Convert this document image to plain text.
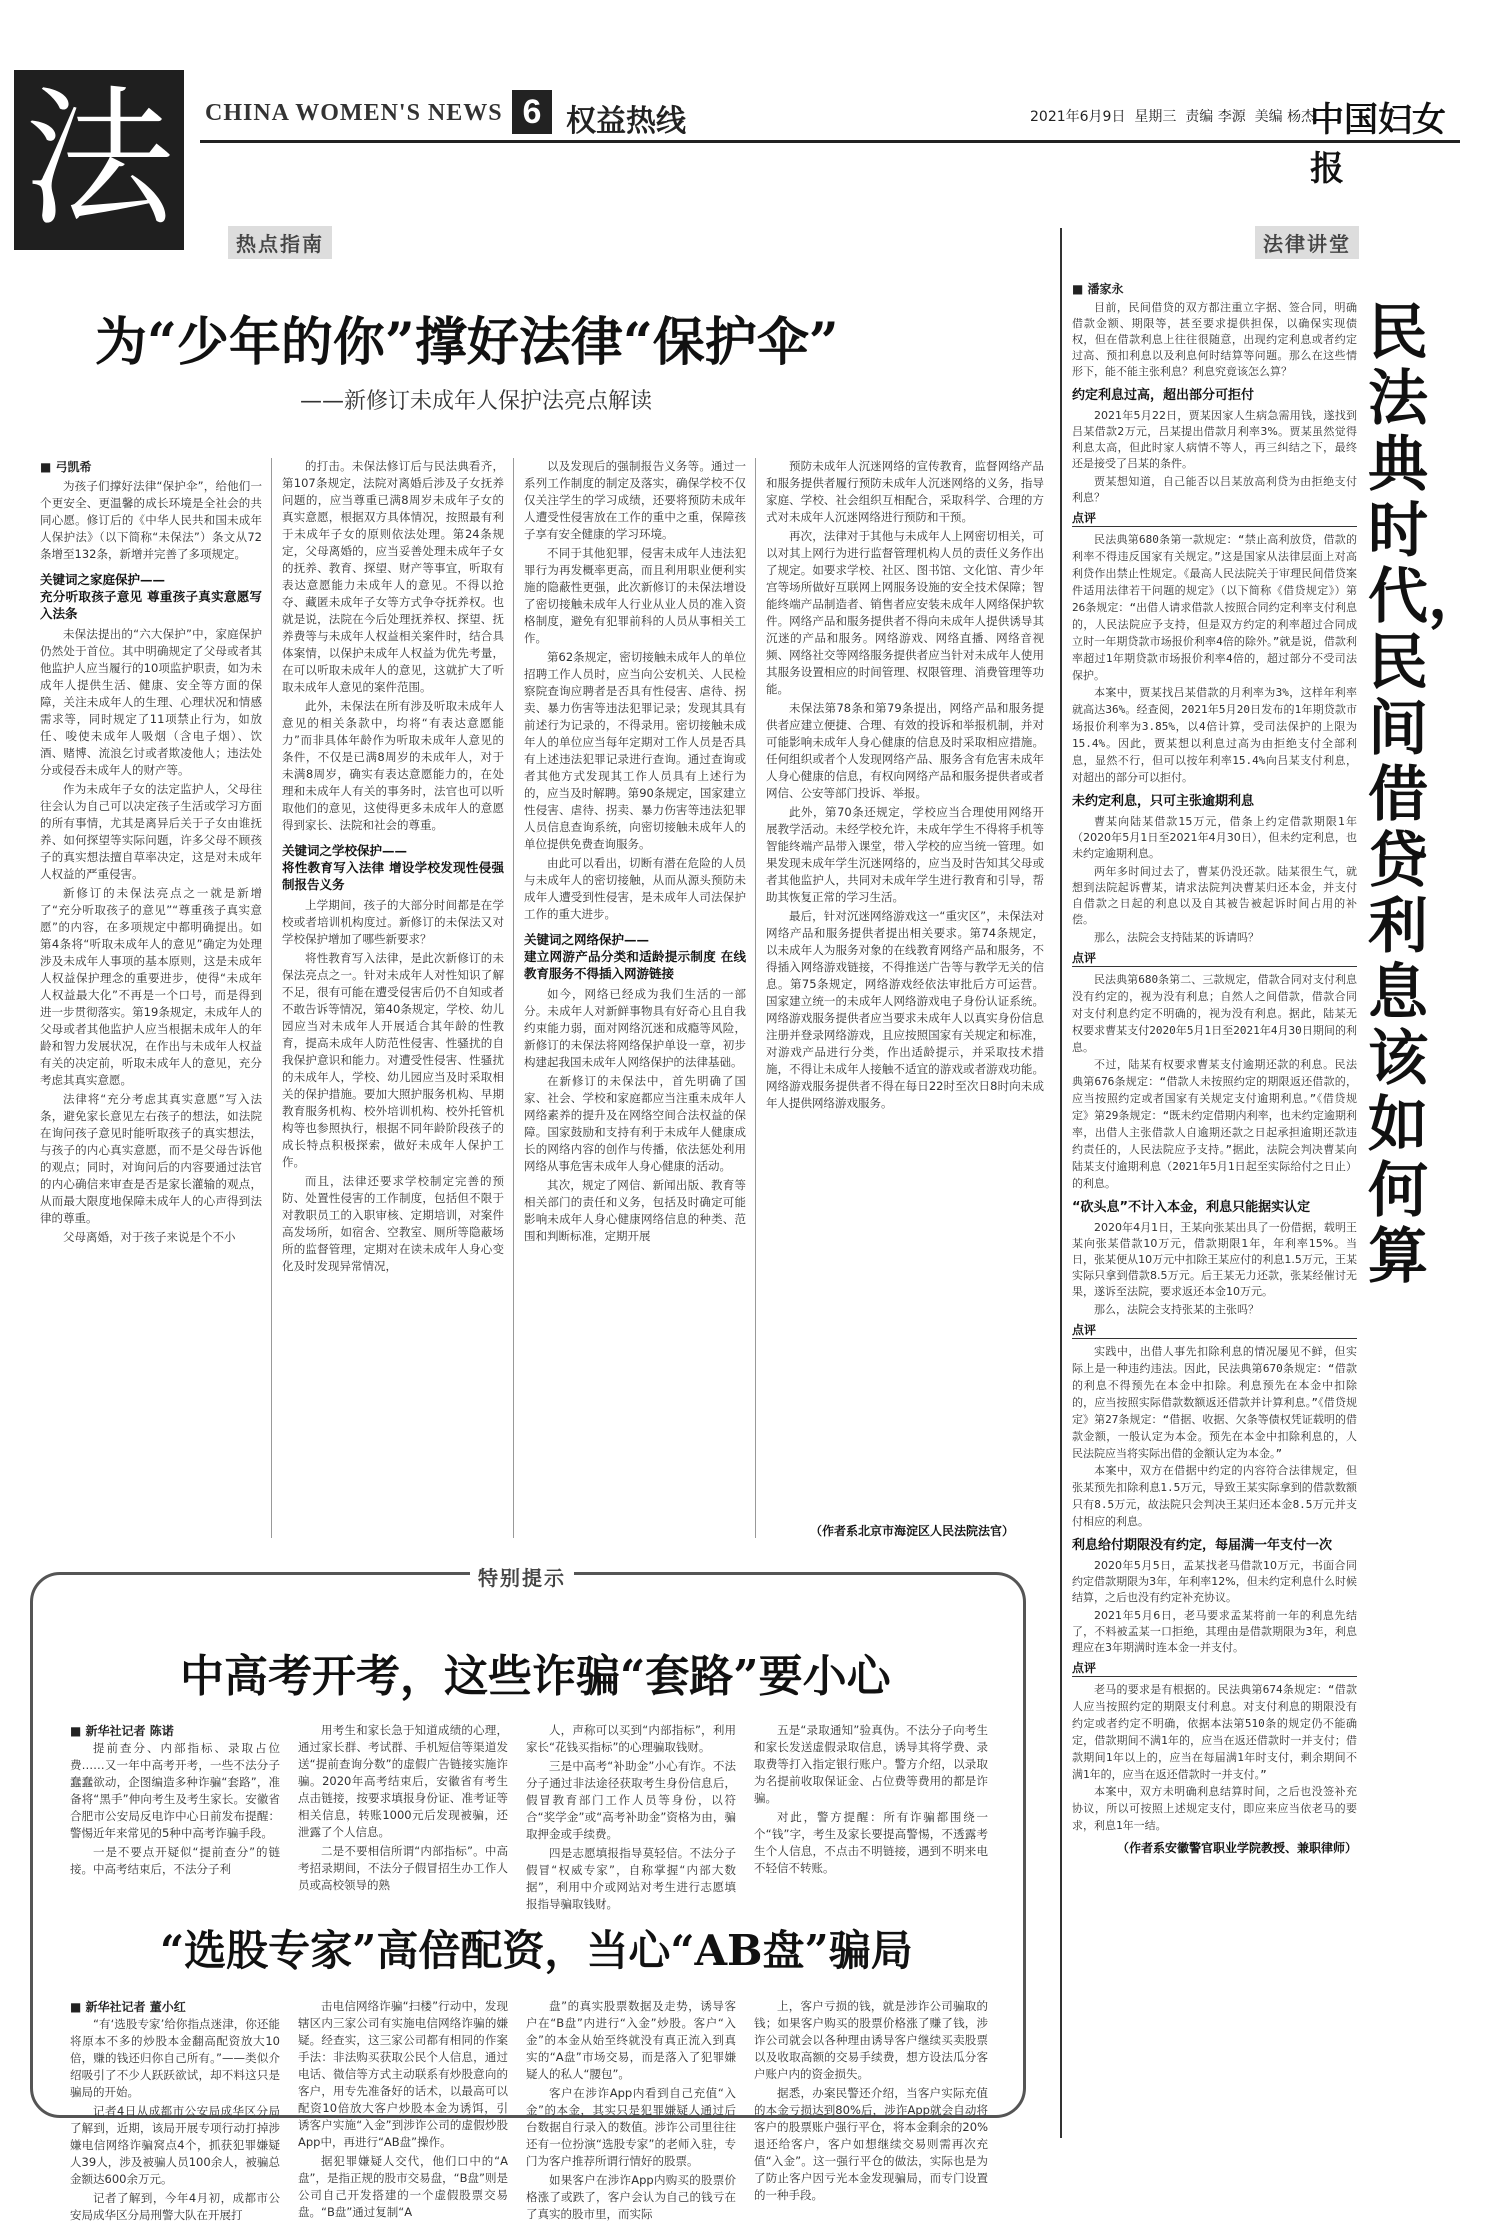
法	CHINA WOMEN'S NEWS 6 权益热线	2021年6月9日 星期三 责编 李源 美编 杨杰
中国妇女报
热点指南
为“少年的你”撑好法律“保护伞”
——新修订未成年人保护法亮点解读
■ 弓凯希

为孩子们撑好法律“保护伞”，给他们一个更安全、更温馨的成长环境是全社会的共同心愿。修订后的《中华人民共和国未成年人保护法》（以下简称“未保法”）条文从72条增至132条，新增并完善了多项规定。

关键词之家庭保护——
充分听取孩子意见 尊重孩子真实意愿写入法条

未保法提出的“六大保护”中，家庭保护仍然处于首位。其中明确规定了父母或者其他监护人应当履行的10项监护职责，如为未成年人提供生活、健康、安全等方面的保障，关注未成年人的生理、心理状况和情感需求等，同时规定了11项禁止行为，如放任、唆使未成年人吸烟（含电子烟）、饮酒、赌博、流浪乞讨或者欺凌他人；违法处分或侵吞未成年人的财产等。

作为未成年子女的法定监护人，父母往往会认为自己可以决定孩子生活或学习方面的所有事情，尤其是离异后关于子女由谁抚养、如何探望等实际问题，许多父母不顾孩子的真实想法擅自草率决定，这是对未成年人权益的严重侵害。

新修订的未保法亮点之一就是新增了“充分听取孩子的意见”“尊重孩子真实意愿”的内容，在多项规定中都明确提出。如第4条将“听取未成年人的意见”确定为处理涉及未成年人事项的基本原则，这是未成年人权益保护理念的重要进步，使得“未成年人权益最大化”不再是一个口号，而是得到进一步贯彻落实。第19条规定，未成年人的父母或者其他监护人应当根据未成年人的年龄和智力发展状况，在作出与未成年人权益有关的决定前，听取未成年人的意见，充分考虑其真实意愿。

法律将“充分考虑其真实意愿”写入法条，避免家长意见左右孩子的想法，如法院在询问孩子意见时能听取孩子的真实想法，与孩子的内心真实意愿，而不是父母告诉他的观点；同时，对询问后的内容要通过法官的内心确信来审查是否是家长灌输的观点，从而最大限度地保障未成年人的心声得到法律的尊重。

父母离婚，对于孩子来说是个不小

的打击。未保法修订后与民法典看齐，第107条规定，法院对离婚后涉及子女抚养问题的，应当尊重已满8周岁未成年子女的真实意愿，根据双方具体情况，按照最有利于未成年子女的原则依法处理。第24条规定，父母离婚的，应当妥善处理未成年子女的抚养、教育、探望、财产等事宜，听取有表达意愿能力未成年人的意见。不得以抢夺、藏匿未成年子女等方式争夺抚养权。也就是说，法院在今后处理抚养权、探望、抚养费等与未成年人权益相关案件时，结合具体案情，以保护未成年人权益为优先考量，在可以听取未成年人的意见，这就扩大了听取未成年人意见的案件范围。

此外，未保法在所有涉及听取未成年人意见的相关条款中，均将“有表达意愿能力”而非具体年龄作为听取未成年人意见的条件，不仅是已满8周岁的未成年人，对于未满8周岁，确实有表达意愿能力的，在处理和未成年人有关的事务时，法官也可以听取他们的意见，这使得更多未成年人的意愿得到家长、法院和社会的尊重。

关键词之学校保护——
将性教育写入法律 增设学校发现性侵强制报告义务

上学期间，孩子的大部分时间都是在学校或者培训机构度过。新修订的未保法又对学校保护增加了哪些新要求？

将性教育写入法律，是此次新修订的未保法亮点之一。针对未成年人对性知识了解不足，很有可能在遭受侵害后仍不自知或者不敢告诉等情况，第40条规定，学校、幼儿园应当对未成年人开展适合其年龄的性教育，提高未成年人防范性侵害、性骚扰的自我保护意识和能力。对遭受性侵害、性骚扰的未成年人，学校、幼儿园应当及时采取相关的保护措施。要加大照护服务机构、早期教育服务机构、校外培训机构、校外托管机构等也参照执行，根据不同年龄阶段孩子的成长特点积极探索，做好未成年人保护工作。

而且，法律还要求学校制定完善的预防、处置性侵害的工作制度，包括但不限于对教职员工的入职审核、定期培训，对案件高发场所，如宿舍、空教室、厕所等隐蔽场所的监督管理，定期对在读未成年人身心变化及时发现异常情况，

以及发现后的强制报告义务等。通过一系列工作制度的制定及落实，确保学校不仅仅关注学生的学习成绩，还要将预防未成年人遭受性侵害放在工作的重中之重，保障孩子享有安全健康的学习环境。

不同于其他犯罪，侵害未成年人违法犯罪行为再发概率更高，而且利用职业便利实施的隐蔽性更强，此次新修订的未保法增设了密切接触未成年人行业从业人员的准入资格制度，避免有犯罪前科的人员从事相关工作。

第62条规定，密切接触未成年人的单位招聘工作人员时，应当向公安机关、人民检察院查询应聘者是否具有性侵害、虐待、拐卖、暴力伤害等违法犯罪记录；发现其具有前述行为记录的，不得录用。密切接触未成年人的单位应当每年定期对工作人员是否具有上述违法犯罪记录进行查询。通过查询或者其他方式发现其工作人员具有上述行为的，应当及时解聘。第90条规定，国家建立性侵害、虐待、拐卖、暴力伤害等违法犯罪人员信息查询系统，向密切接触未成年人的单位提供免费查询服务。

由此可以看出，切断有潜在危险的人员与未成年人的密切接触，从而从源头预防未成年人遭受到性侵害，是未成年人司法保护工作的重大进步。

关键词之网络保护——
建立网游产品分类和适龄提示制度 在线教育服务不得插入网游链接

如今，网络已经成为我们生活的一部分。未成年人对新鲜事物具有好奇心且自我约束能力弱，面对网络沉迷和成瘾等风险，新修订的未保法将网络保护单设一章，初步构建起我国未成年人网络保护的法律基础。

在新修订的未保法中，首先明确了国家、社会、学校和家庭都应当注重未成年人网络素养的提升及在网络空间合法权益的保障。国家鼓励和支持有利于未成年人健康成长的网络内容的创作与传播，依法惩处利用网络从事危害未成年人身心健康的活动。

其次，规定了网信、新闻出版、教育等相关部门的责任和义务，包括及时确定可能影响未成年人身心健康网络信息的种类、范围和判断标准，定期开展

预防未成年人沉迷网络的宣传教育，监督网络产品和服务提供者履行预防未成年人沉迷网络的义务，指导家庭、学校、社会组织互相配合，采取科学、合理的方式对未成年人沉迷网络进行预防和干预。

再次，法律对于其他与未成年人上网密切相关，可以对其上网行为进行监督管理机构人员的责任义务作出了规定。如要求学校、社区、图书馆、文化馆、青少年宫等场所做好互联网上网服务设施的安全技术保障；智能终端产品制造者、销售者应安装未成年人网络保护软件。网络产品和服务提供者不得向未成年人提供诱导其沉迷的产品和服务。网络游戏、网络直播、网络音视频、网络社交等网络服务提供者应当针对未成年人使用其服务设置相应的时间管理、权限管理、消费管理等功能。

未保法第78条和第79条提出，网络产品和服务提供者应建立便捷、合理、有效的投诉和举报机制，并对可能影响未成年人身心健康的信息及时采取相应措施。任何组织或者个人发现网络产品、服务含有危害未成年人身心健康的信息，有权向网络产品和服务提供者或者网信、公安等部门投诉、举报。

此外，第70条还规定，学校应当合理使用网络开展教学活动。未经学校允许，未成年学生不得将手机等智能终端产品带入课堂，带入学校的应当统一管理。如果发现未成年学生沉迷网络的，应当及时告知其父母或者其他监护人，共同对未成年学生进行教育和引导，帮助其恢复正常的学习生活。

最后，针对沉迷网络游戏这一“重灾区”，未保法对网络产品和服务提供者提出相关要求。第74条规定，以未成年人为服务对象的在线教育网络产品和服务，不得插入网络游戏链接，不得推送广告等与教学无关的信息。第75条规定，网络游戏经依法审批后方可运营。国家建立统一的未成年人网络游戏电子身份认证系统。网络游戏服务提供者应当要求未成年人以真实身份信息注册并登录网络游戏，且应按照国家有关规定和标准，对游戏产品进行分类，作出适龄提示，并采取技术措施，不得让未成年人接触不适宜的游戏或者游戏功能。网络游戏服务提供者不得在每日22时至次日8时向未成年人提供网络游戏服务。

（作者系北京市海淀区人民法院法官）
特别提示
中高考开考，这些诈骗“套路”要小心
■ 新华社记者 陈诺

提前查分、内部指标、录取占位费……又一年中高考开考，一些不法分子蠢蠢欲动，企图编造多种诈骗“套路”，准备将“黑手”伸向考生及考生家长。安徽省合肥市公安局反电诈中心日前发布提醒：警惕近年来常见的5种中高考诈骗手段。

一是不要点开疑似“提前查分”的链接。中高考结束后，不法分子利

用考生和家长急于知道成绩的心理，通过家长群、考试群、手机短信等渠道发送“提前查询分数”的虚假广告链接实施诈骗。2020年高考结束后，安徽省有考生点击链接，按要求填报身份证、准考证等相关信息，转账1000元后发现被骗，还泄露了个人信息。

二是不要相信所谓“内部指标”。中高考招录期间，不法分子假冒招生办工作人员或高校领导的熟

人，声称可以买到“内部指标”，利用家长“花钱买指标”的心理骗取钱财。

三是中高考“补助金”小心有诈。不法分子通过非法途径获取考生身份信息后，假冒教育部门工作人员等身份，以符合“奖学金”或“高考补助金”资格为由，骗取押金或手续费。

四是志愿填报指导莫轻信。不法分子假冒“权威专家”，自称掌握“内部大数据”，利用中介或网站对考生进行志愿填报指导骗取钱财。

五是“录取通知”验真伪。不法分子向考生和家长发送虚假录取信息，诱导其将学费、录取费等打入指定银行账户。警方介绍，以录取为名提前收取保证金、占位费等费用的都是诈骗。

对此，警方提醒：所有诈骗都围绕一个“钱”字，考生及家长要提高警惕，不透露考生个人信息，不点击不明链接，遇到不明来电不轻信不转账。

“选股专家”高倍配资，当心“AB盘”骗局
■ 新华社记者 董小红

“有‘选股专家’给你指点迷津，你还能将原本不多的炒股本金翻高配资放大10倍，赚的钱还归你自己所有。”——类似介绍吸引了不少人跃跃欲试，却不料这只是骗局的开始。

记者4日从成都市公安局成华区分局了解到，近期，该局开展专项行动打掉涉嫌电信网络诈骗窝点4个，抓获犯罪嫌疑人39人，涉及被骗人员100余人，被骗总金额达600余万元。

记者了解到，今年4月初，成都市公安局成华区分局刑警大队在开展打

击电信网络诈骗“扫楼”行动中，发现辖区内三家公司有实施电信网络诈骗的嫌疑。经查实，这三家公司都有相同的作案手法：非法购买获取公民个人信息，通过电话、微信等方式主动联系有炒股意向的客户，用专先准备好的话术，以最高可以配资10倍放大客户炒股本金为诱饵，引诱客户实施“入金”到涉诈公司的虚假炒股App中，再进行“AB盘”操作。

据犯罪嫌疑人交代，他们口中的“A盘”，是指正规的股市交易盘，“B盘”则是公司自己开发搭建的一个虚假股票交易盘。“B盘”通过复制“A

盘”的真实股票数据及走势，诱导客户在“B盘”内进行“入金”炒股。客户“入金”的本金从始至终就没有真正流入到真实的“A盘”市场交易，而是落入了犯罪嫌疑人的私人“腰包”。

客户在涉诈App内看到自己充值“入金”的本金，其实只是犯罪嫌疑人通过后台数据自行录入的数值。涉诈公司里往往还有一位扮演“选股专家”的老师入驻，专门为客户推荐所谓行情好的股票。

如果客户在涉诈App内购买的股票价格涨了或跌了，客户会认为自己的钱亏在了真实的股市里，而实际

上，客户亏损的钱，就是涉诈公司骗取的钱；如果客户购买的股票价格涨了赚了钱，涉诈公司就会以各种理由诱导客户继续买卖股票以及收取高额的交易手续费，想方设法瓜分客户账户内的资金损失。

据悉，办案民警还介绍，当客户实际充值的本金亏损达到80%后，涉诈App就会自动将客户的股票账户强行平仓，将本金剩余的20%退还给客户，客户如想继续交易则需再次充值“入金”。这一强行平仓的做法，实际也是为了防止客户因亏光本金发现骗局，而专门设置的一种手段。

法律讲堂
民法典时代，民间借贷利息该如何算
■ 潘家永

目前，民间借贷的双方都注重立字据、签合同，明确借款金额、期限等，甚至要求提供担保，以确保实现债权，但在借款利息上往往很随意，出现约定利息或者约定过高、预扣利息以及利息何时结算等问题。那么在这些情形下，能不能主张利息？利息究竟该怎么算？

约定利息过高，超出部分可拒付

2021年5月22日，贾某因家人生病急需用钱，遂找到吕某借款2万元，吕某提出借款月利率3%。贾某虽然觉得利息太高，但此时家人病情不等人，再三纠结之下，最终还是接受了吕某的条件。

贾某想知道，自己能否以吕某放高利贷为由拒绝支付利息？

点评
民法典第680条第一款规定：“禁止高利放贷，借款的利率不得违反国家有关规定。”这是国家从法律层面上对高利贷作出禁止性规定。《最高人民法院关于审理民间借贷案件适用法律若干问题的规定》（以下简称《借贷规定》）第26条规定：“出借人请求借款人按照合同约定利率支付利息的，人民法院应予支持，但是双方约定的利率超过合同成立时一年期贷款市场报价利率4倍的除外。”就是说，借款利率超过1年期贷款市场报价利率4倍的，超过部分不受司法保护。
本案中，贾某找吕某借款的月利率为3%，这样年利率就高达36%。经查阅，2021年5月20日发布的1年期贷款市场报价利率为3.85%，以4倍计算，受司法保护的上限为15.4%。因此，贾某想以利息过高为由拒绝支付全部利息，显然不行，但可以按年利率15.4%向吕某支付利息，对超出的部分可以拒付。
未约定利息，只可主张逾期利息

曹某向陆某借款15万元，借条上约定借款期限1年（2020年5月1日至2021年4月30日），但未约定利息，也未约定逾期利息。

两年多时间过去了，曹某仍没还款。陆某很生气，就想到法院起诉曹某，请求法院判决曹某归还本金，并支付自借款之日起的利息以及自其被告被起诉时间占用的补偿。

那么，法院会支持陆某的诉请吗？

点评
民法典第680条第二、三款规定，借款合同对支付利息没有约定的，视为没有利息；自然人之间借款，借款合同对支付利息约定不明确的，视为没有利息。据此，陆某无权要求曹某支付2020年5月1日至2021年4月30日期间的利息。
不过，陆某有权要求曹某支付逾期还款的利息。民法典第676条规定：“借款人未按照约定的期限返还借款的，应当按照约定或者国家有关规定支付逾期利息。”《借贷规定》第29条规定：“既未约定借期内利率，也未约定逾期利率，出借人主张借款人自逾期还款之日起承担逾期还款违约责任的，人民法院应予支持。”据此，法院会判决曹某向陆某支付逾期利息（2021年5月1日起至实际给付之日止）的利息。
“砍头息”不计入本金，利息只能据实认定

2020年4月1日，王某向张某出具了一份借据，载明王某向张某借款10万元，借款期限1年，年利率15%。当日，张某便从10万元中扣除王某应付的利息1.5万元，王某实际只拿到借款8.5万元。后王某无力还款，张某经催讨无果，遂诉至法院，要求返还本金10万元。

那么，法院会支持张某的主张吗？

点评
实践中，出借人事先扣除利息的情况屡见不鲜，但实际上是一种违约违法。因此，民法典第670条规定：“借款的利息不得预先在本金中扣除。利息预先在本金中扣除的，应当按照实际借款数额返还借款并计算利息。”《借贷规定》第27条规定：“借据、收据、欠条等债权凭证载明的借款金额，一般认定为本金。预先在本金中扣除利息的，人民法院应当将实际出借的金额认定为本金。”
本案中，双方在借据中约定的内容符合法律规定，但张某预先扣除利息1.5万元，导致王某实际拿到的借款数额只有8.5万元，故法院只会判决王某归还本金8.5万元并支付相应的利息。
利息给付期限没有约定，每届满一年支付一次

2020年5月5日，孟某找老马借款10万元，书面合同约定借款期限为3年，年利率12%，但未约定利息什么时候结算，之后也没有约定补充协议。

2021年5月6日，老马要求孟某将前一年的利息先结了，不料被孟某一口拒绝，其理由是借款期限为3年，利息理应在3年期满时连本金一并支付。

点评
老马的要求是有根据的。民法典第674条规定：“借款人应当按照约定的期限支付利息。对支付利息的期限没有约定或者约定不明确，依据本法第510条的规定仍不能确定，借款期间不满1年的，应当在返还借款时一并支付；借款期间1年以上的，应当在每届满1年时支付，剩余期间不满1年的，应当在返还借款时一并支付。”
本案中，双方未明确利息结算时间，之后也没签补充协议，所以可按照上述规定支付，即应来应当依老马的要求，利息1年一结。
（作者系安徽警官职业学院教授、兼职律师）
